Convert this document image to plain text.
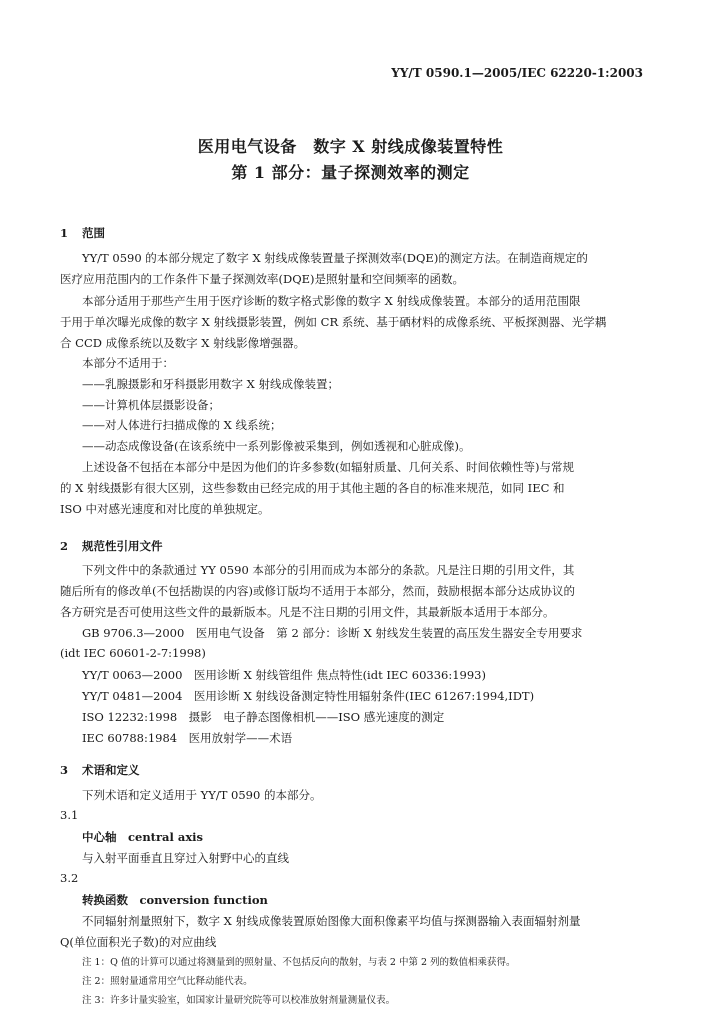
YY/T 0590.1—2005/IEC 62220-1:2003
医用电气设备　数字 X 射线成像装置特性
第 1 部分：量子探测效率的测定
1 范围
YY/T 0590 的本部分规定了数字 X 射线成像装置量子探测效率(DQE)的测定方法。在制造商规定的
医疗应用范围内的工作条件下量子探测效率(DQE)是照射量和空间频率的函数。
本部分适用于那些产生用于医疗诊断的数字格式影像的数字 X 射线成像装置。本部分的适用范围限
于用于单次曝光成像的数字 X 射线摄影装置，例如 CR 系统、基于硒材料的成像系统、平板探测器、光学耦
合 CCD 成像系统以及数字 X 射线影像增强器。
本部分不适用于：
——乳腺摄影和牙科摄影用数字 X 射线成像装置；
——计算机体层摄影设备；
——对人体进行扫描成像的 X 线系统；
——动态成像设备(在该系统中一系列影像被采集到，例如透视和心脏成像)。
上述设备不包括在本部分中是因为他们的许多参数(如辐射质量、几何关系、时间依赖性等)与常规
的 X 射线摄影有很大区别，这些参数由已经完成的用于其他主题的各自的标准来规范，如同 IEC 和
ISO 中对感光速度和对比度的单独规定。
2 规范性引用文件
下列文件中的条款通过 YY 0590 本部分的引用而成为本部分的条款。凡是注日期的引用文件，其
随后所有的修改单(不包括勘误的内容)或修订版均不适用于本部分，然而，鼓励根据本部分达成协议的
各方研究是否可使用这些文件的最新版本。凡是不注日期的引用文件，其最新版本适用于本部分。
GB 9706.3—2000　医用电气设备　第 2 部分：诊断 X 射线发生装置的高压发生器安全专用要求
(idt IEC 60601-2-7:1998)
YY/T 0063—2000　医用诊断 X 射线管组件 焦点特性(idt IEC 60336:1993)
YY/T 0481—2004　医用诊断 X 射线设备测定特性用辐射条件(IEC 61267:1994,IDT)
ISO 12232:1998　摄影　电子静态图像相机——ISO 感光速度的测定
IEC 60788:1984　医用放射学——术语
3 术语和定义
下列术语和定义适用于 YY/T 0590 的本部分。
3.1
中心轴　central axis
与入射平面垂直且穿过入射野中心的直线
3.2
转换函数　conversion function
不同辐射剂量照射下，数字 X 射线成像装置原始图像大面积像素平均值与探测器输入表面辐射剂量
Q(单位面积光子数)的对应曲线
注 1：Q 值的计算可以通过将测量到的照射量、不包括反向的散射，与表 2 中第 2 列的数值相乘获得。
注 2：照射量通常用空气比释动能代表。
注 3：许多计量实验室，如国家计量研究院等可以校准放射剂量测量仪表。
